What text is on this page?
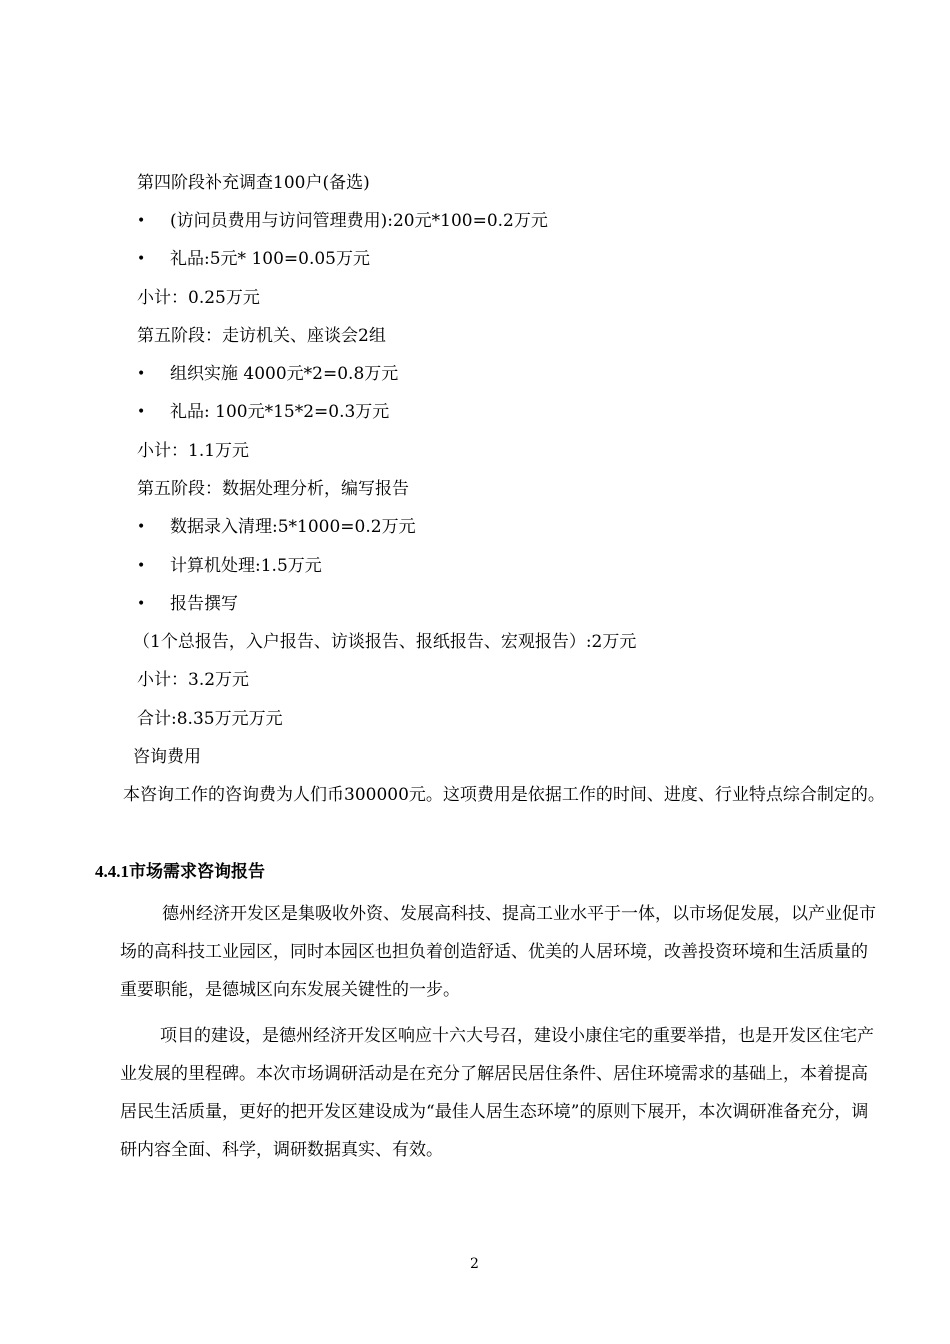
第四阶段补充调查100户(备选)
• (访问员费用与访问管理费用):20元*100=0.2万元
• 礼品:5元* 100=0.05万元
小计：0.25万元
第五阶段：走访机关、座谈会2组
• 组织实施 4000元*2=0.8万元
• 礼品: 100元*15*2=0.3万元
小计：1.1万元
第五阶段：数据处理分析，编写报告
• 数据录入清理:5*1000=0.2万元
• 计算机处理:1.5万元
• 报告撰写
（1个总报告，入户报告、访谈报告、报纸报告、宏观报告）:2万元
小计：3.2万元
合计:8.35万元万元
咨询费用
本咨询工作的咨询费为人们币300000元。这项费用是依据工作的时间、进度、行业特点综合制定的。
4.4.1市场需求咨询报告
德州经济开发区是集吸收外资、发展高科技、提高工业水平于一体，以市场促发展，以产业促市场的高科技工业园区，同时本园区也担负着创造舒适、优美的人居环境，改善投资环境和生活质量的重要职能，是德城区向东发展关键性的一步。
项目的建设，是德州经济开发区响应十六大号召，建设小康住宅的重要举措，也是开发区住宅产业发展的里程碑。本次市场调研活动是在充分了解居民居住条件、居住环境需求的基础上，本着提高居民生活质量，更好的把开发区建设成为“最佳人居生态环境”的原则下展开，本次调研准备充分，调研内容全面、科学，调研数据真实、有效。
2
